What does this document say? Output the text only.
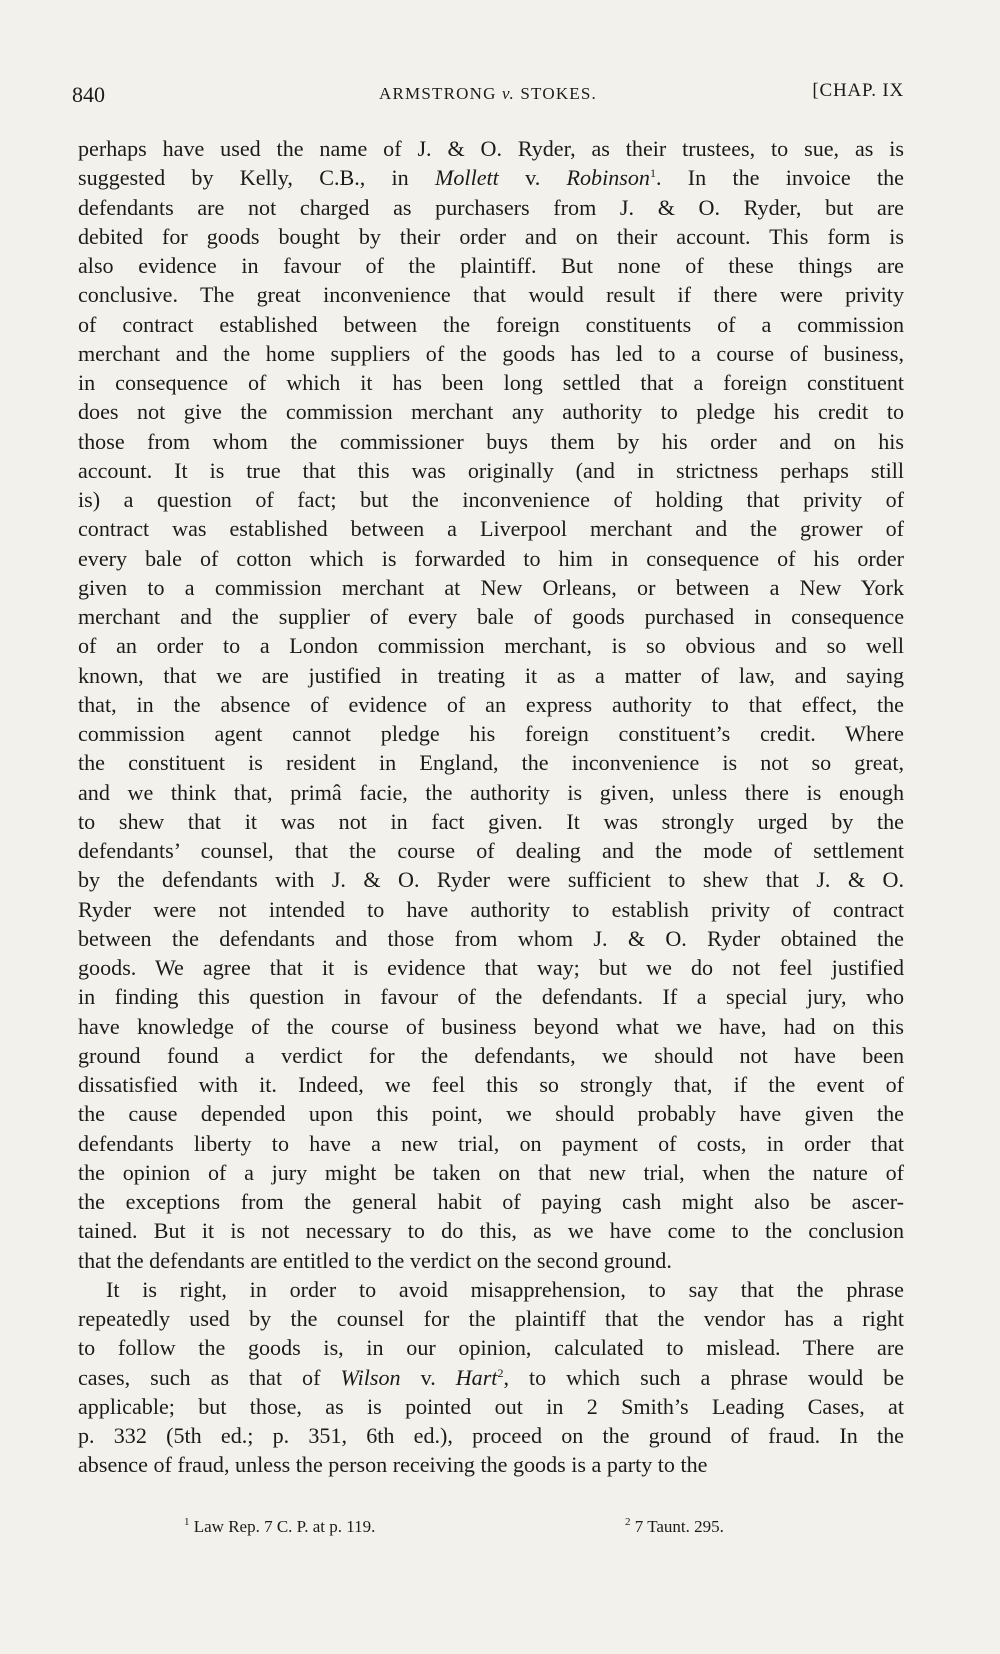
840	ARMSTRONG v. STOKES.	[CHAP. IX

perhaps have used the name of J. & O. Ryder, as their trustees, to sue, as is
suggested by Kelly, C.B., in Mollett v. Robinson$^1$. In the invoice the
defendants are not charged as purchasers from J. & O. Ryder, but are
debited for goods bought by their order and on their account. This form is
also evidence in favour of the plaintiff. But none of these things are
conclusive. The great inconvenience that would result if there were privity
of contract established between the foreign constituents of a commission
merchant and the home suppliers of the goods has led to a course of business,
in consequence of which it has been long settled that a foreign constituent
does not give the commission merchant any authority to pledge his credit to
those from whom the commissioner buys them by his order and on his
account. It is true that this was originally (and in strictness perhaps still
is) a question of fact; but the inconvenience of holding that privity of
contract was established between a Liverpool merchant and the grower of
every bale of cotton which is forwarded to him in consequence of his order
given to a commission merchant at New Orleans, or between a New York
merchant and the supplier of every bale of goods purchased in consequence
of an order to a London commission merchant, is so obvious and so well
known, that we are justified in treating it as a matter of law, and saying
that, in the absence of evidence of an express authority to that effect, the
commission agent cannot pledge his foreign constituent’s credit. Where
the constituent is resident in England, the inconvenience is not so great,
and we think that, primâ facie, the authority is given, unless there is enough
to shew that it was not in fact given. It was strongly urged by the
defendants’ counsel, that the course of dealing and the mode of settlement
by the defendants with J. & O. Ryder were sufficient to shew that J. & O.
Ryder were not intended to have authority to establish privity of contract
between the defendants and those from whom J. & O. Ryder obtained the
goods. We agree that it is evidence that way; but we do not feel justified
in finding this question in favour of the defendants. If a special jury, who
have knowledge of the course of business beyond what we have, had on this
ground found a verdict for the defendants, we should not have been
dissatisfied with it. Indeed, we feel this so strongly that, if the event of
the cause depended upon this point, we should probably have given the
defendants liberty to have a new trial, on payment of costs, in order that
the opinion of a jury might be taken on that new trial, when the nature of
the exceptions from the general habit of paying cash might also be ascer-
tained. But it is not necessary to do this, as we have come to the conclusion
that the defendants are entitled to the verdict on the second ground.

It is right, in order to avoid misapprehension, to say that the phrase
repeatedly used by the counsel for the plaintiff that the vendor has a right
to follow the goods is, in our opinion, calculated to mislead. There are
cases, such as that of Wilson v. Hart$^2$, to which such a phrase would be
applicable; but those, as is pointed out in 2 Smith’s Leading Cases, at
p. 332 (5th ed.; p. 351, 6th ed.), proceed on the ground of fraud. In the
absence of fraud, unless the person receiving the goods is a party to the

$^1$ Law Rep. 7 C. P. at p. 119.	$^2$ 7 Taunt. 295.
